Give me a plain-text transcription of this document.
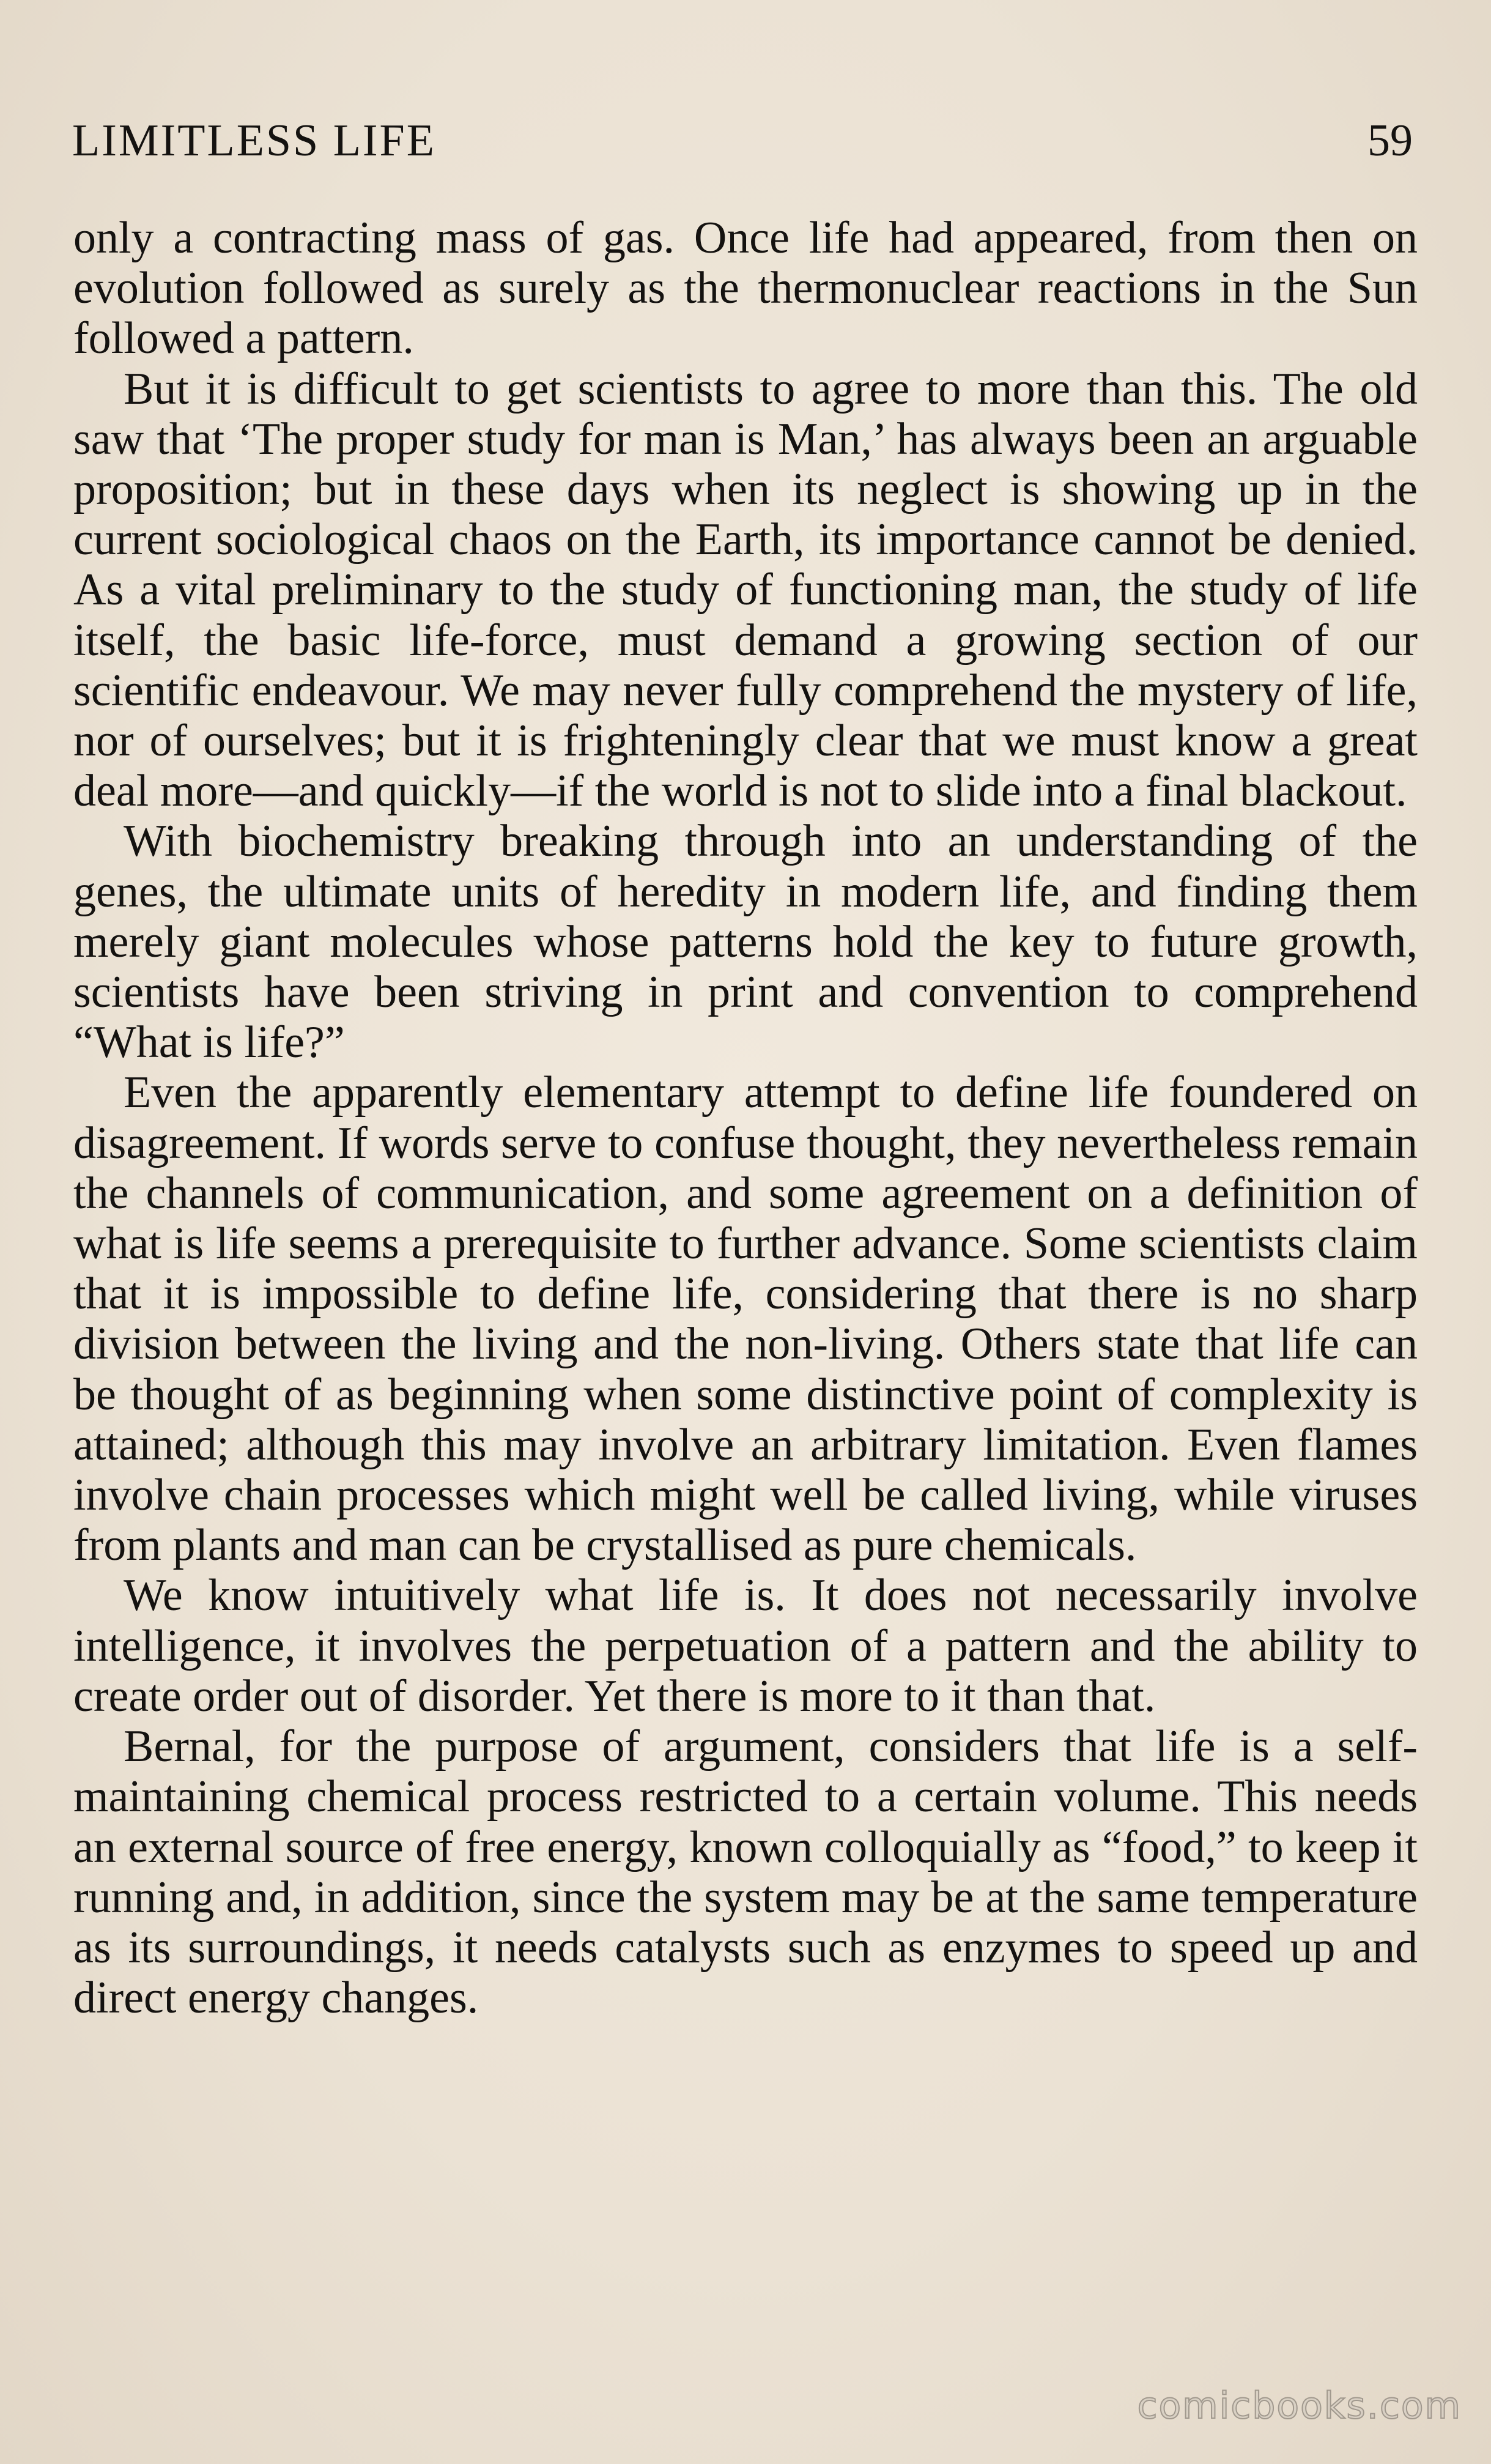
LIMITLESS LIFE	59

only a contracting mass of gas. Once life had appeared, from then on evolution followed as surely as the thermonuclear reactions in the Sun followed a pattern.

But it is difficult to get scientists to agree to more than this. The old saw that ‘The proper study for man is Man,’ has always been an arguable proposition; but in these days when its neglect is showing up in the current sociological chaos on the Earth, its importance cannot be denied. As a vital preliminary to the study of functioning man, the study of life itself, the basic life-force, must demand a growing section of our scientific endeavour. We may never fully comprehend the mystery of life, nor of ourselves; but it is frighteningly clear that we must know a great deal more—and quickly—if the world is not to slide into a final blackout.

With biochemistry breaking through into an understanding of the genes, the ultimate units of heredity in modern life, and finding them merely giant molecules whose patterns hold the key to future growth, scientists have been striving in print and convention to comprehend “What is life?”

Even the apparently elementary attempt to define life foundered on disagreement. If words serve to confuse thought, they nevertheless remain the channels of communication, and some agreement on a definition of what is life seems a prerequisite to further advance. Some scientists claim that it is impossible to define life, considering that there is no sharp division between the living and the non-living. Others state that life can be thought of as beginning when some distinctive point of complexity is attained; although this may involve an arbitrary limitation. Even flames involve chain processes which might well be called living, while viruses from plants and man can be crystallised as pure chemicals.

We know intuitively what life is. It does not necessarily involve intelligence, it involves the perpetuation of a pattern and the ability to create order out of disorder. Yet there is more to it than that.

Bernal, for the purpose of argument, considers that life is a self-maintaining chemical process restricted to a certain volume. This needs an external source of free energy, known colloquially as “food,” to keep it running and, in addition, since the system may be at the same temperature as its surroundings, it needs catalysts such as enzymes to speed up and direct energy changes.

comicbooks.com
